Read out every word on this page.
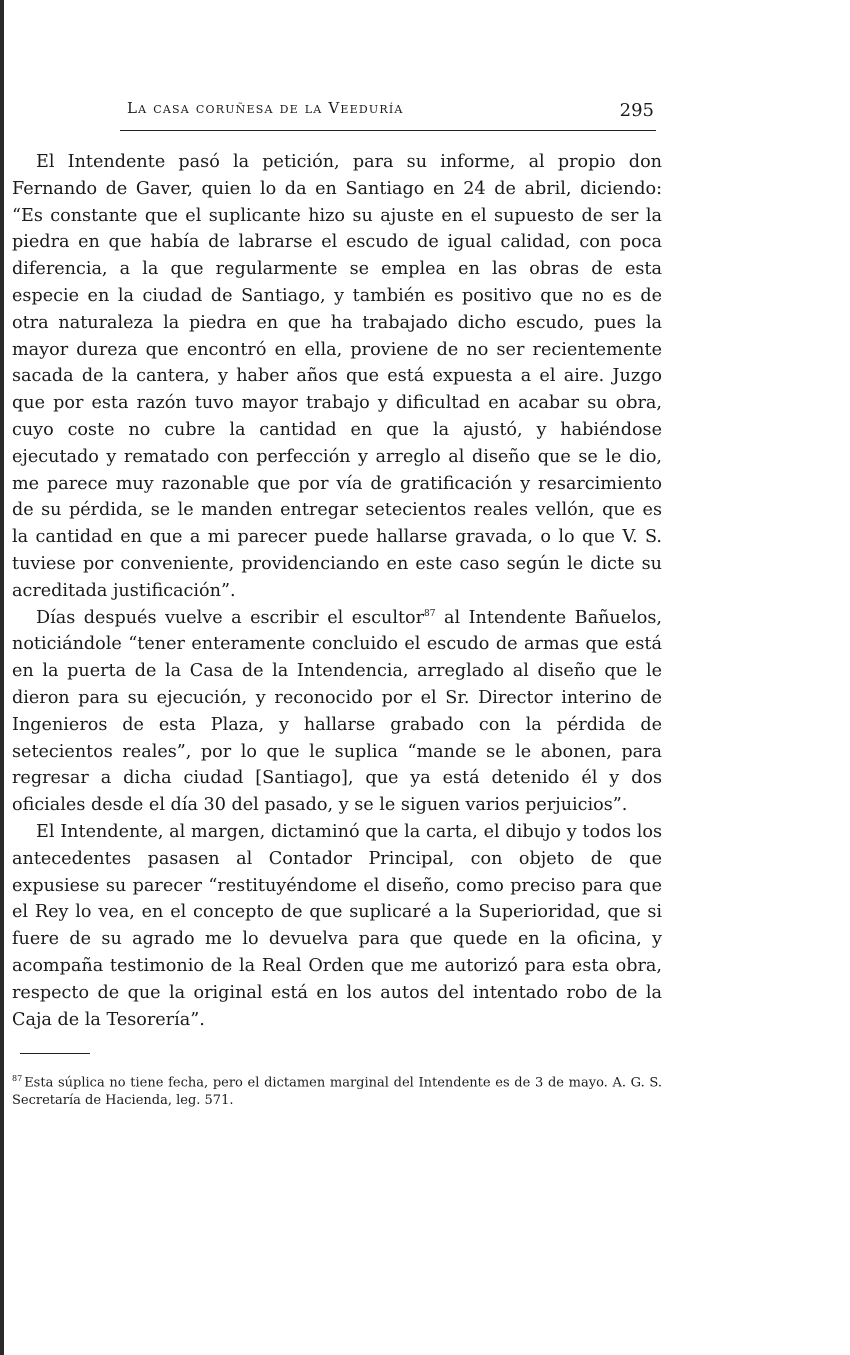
La casa coruñesa de la Veeduría	295

El Intendente pasó la petición, para su informe, al propio don Fernando de Gaver, quien lo da en Santiago en 24 de abril, diciendo: “Es constante que el suplicante hizo su ajuste en el supuesto de ser la piedra en que había de labrarse el escudo de igual calidad, con poca diferencia, a la que regularmente se emplea en las obras de esta especie en la ciudad de Santiago, y también es positivo que no es de otra naturaleza la piedra en que ha trabajado dicho escudo, pues la mayor dureza que encontró en ella, proviene de no ser recientemente sacada de la cantera, y haber años que está expuesta a el aire. Juzgo que por esta razón tuvo mayor trabajo y dificultad en acabar su obra, cuyo coste no cubre la cantidad en que la ajustó, y habiéndose ejecutado y rematado con perfección y arreglo al diseño que se le dio, me parece muy razonable que por vía de gratificación y resarcimiento de su pérdida, se le manden entregar setecientos reales vellón, que es la cantidad en que a mi parecer puede hallarse gravada, o lo que V. S. tuviese por conveniente, providenciando en este caso según le dicte su acreditada justificación”.

Días después vuelve a escribir el escultor$^{87}$ al Intendente Bañuelos, noticiándole “tener enteramente concluido el escudo de armas que está en la puerta de la Casa de la Intendencia, arreglado al diseño que le dieron para su ejecución, y reconocido por el Sr. Director interino de Ingenieros de esta Plaza, y hallarse grabado con la pérdida de setecientos reales”, por lo que le suplica “mande se le abonen, para regresar a dicha ciudad [Santiago], que ya está detenido él y dos oficiales desde el día 30 del pasado, y se le siguen varios perjuicios”.

El Intendente, al margen, dictaminó que la carta, el dibujo y todos los antecedentes pasasen al Contador Principal, con objeto de que expusiese su parecer “restituyéndome el diseño, como preciso para que el Rey lo vea, en el concepto de que suplicaré a la Superioridad, que si fuere de su agrado me lo devuelva para que quede en la oficina, y acompaña testimonio de la Real Orden que me autorizó para esta obra, respecto de que la original está en los autos del intentado robo de la Caja de la Tesorería”.

$^{87}$ Esta súplica no tiene fecha, pero el dictamen marginal del Intendente es de 3 de mayo. A. G. S. Secretaría de Hacienda, leg. 571.
